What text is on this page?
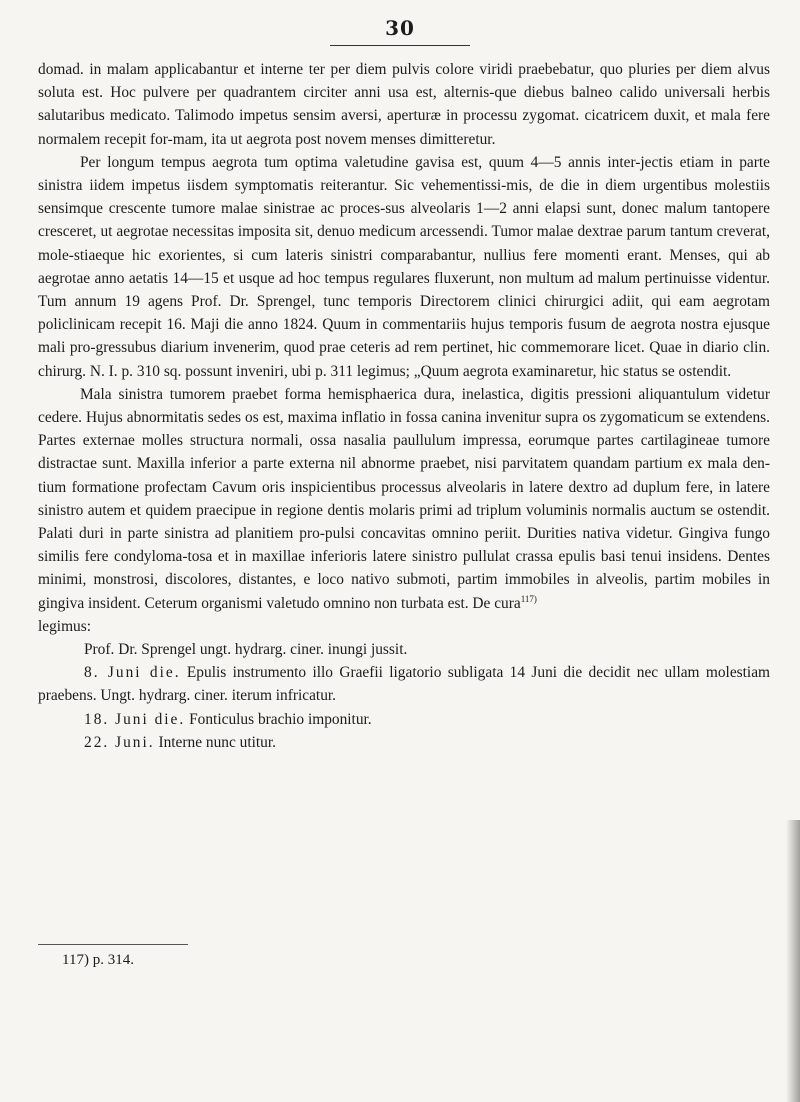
30

domad. in malam applicabantur et interne ter per diem pulvis colore viridi praebebatur, quo pluries per diem alvus soluta est. Hoc pulvere per quadrantem circiter anni usa est, alternis-que diebus balneo calido universali herbis salutaribus medicato. Talimodo impetus sensim aversi, aperturæ in processu zygomat. cicatricem duxit, et mala fere normalem recepit for-mam, ita ut aegrota post novem menses dimitteretur.

Per longum tempus aegrota tum optima valetudine gavisa est, quum 4—5 annis inter-jectis etiam in parte sinistra iidem impetus iisdem symptomatis reiterantur. Sic vehementissi-mis, de die in diem urgentibus molestiis sensimque crescente tumore malae sinistrae ac proces-sus alveolaris 1—2 anni elapsi sunt, donec malum tantopere cresceret, ut aegrotae necessitas imposita sit, denuo medicum arcessendi. Tumor malae dextrae parum tantum creverat, mole-stiaeque hic exorientes, si cum lateris sinistri comparabantur, nullius fere momenti erant. Menses, qui ab aegrotae anno aetatis 14—15 et usque ad hoc tempus regulares fluxerunt, non multum ad malum pertinuisse videntur. Tum annum 19 agens Prof. Dr. Sprengel, tunc temporis Directorem clinici chirurgici adiit, qui eam aegrotam policlinicam recepit 16. Maji die anno 1824. Quum in commentariis hujus temporis fusum de aegrota nostra ejusque mali pro-gressubus diarium invenerim, quod prae ceteris ad rem pertinet, hic commemorare licet. Quae in diario clin. chirurg. N. I. p. 310 sq. possunt inveniri, ubi p. 311 legimus; „Quum aegrota examinaretur, hic status se ostendit.

Mala sinistra tumorem praebet forma hemisphaerica dura, inelastica, digitis pressioni aliquantulum videtur cedere. Hujus abnormitatis sedes os est, maxima inflatio in fossa canina invenitur supra os zygomaticum se extendens. Partes externae molles structura normali, ossa nasalia paullulum impressa, eorumque partes cartilagineae tumore distractae sunt. Maxilla inferior a parte externa nil abnorme praebet, nisi parvitatem quandam partium ex mala den-tium formatione profectam Cavum oris inspicientibus processus alveolaris in latere dextro ad duplum fere, in latere sinistro autem et quidem praecipue in regione dentis molaris primi ad triplum voluminis normalis auctum se ostendit. Palati duri in parte sinistra ad planitiem pro-pulsi concavitas omnino periit. Durities nativa videtur. Gingiva fungo similis fere condyloma-tosa et in maxillae inferioris latere sinistro pullulat crassa epulis basi tenui insidens. Dentes minimi, monstrosi, discolores, distantes, e loco nativo submoti, partim immobiles in alveolis, partim mobiles in gingiva insident. Ceterum organismi valetudo omnino non turbata est. De cura$^{117)}$

legimus:

Prof. Dr. Sprengel ungt. hydrarg. ciner. inungi jussit.

8. Juni die. Epulis instrumento illo Graefii ligatorio subligata 14 Juni die decidit nec ullam molestiam praebens. Ungt. hydrarg. ciner. iterum infricatur.

18. Juni die. Fonticulus brachio imponitur.

22. Juni. Interne nunc utitur.

117) p. 314.
